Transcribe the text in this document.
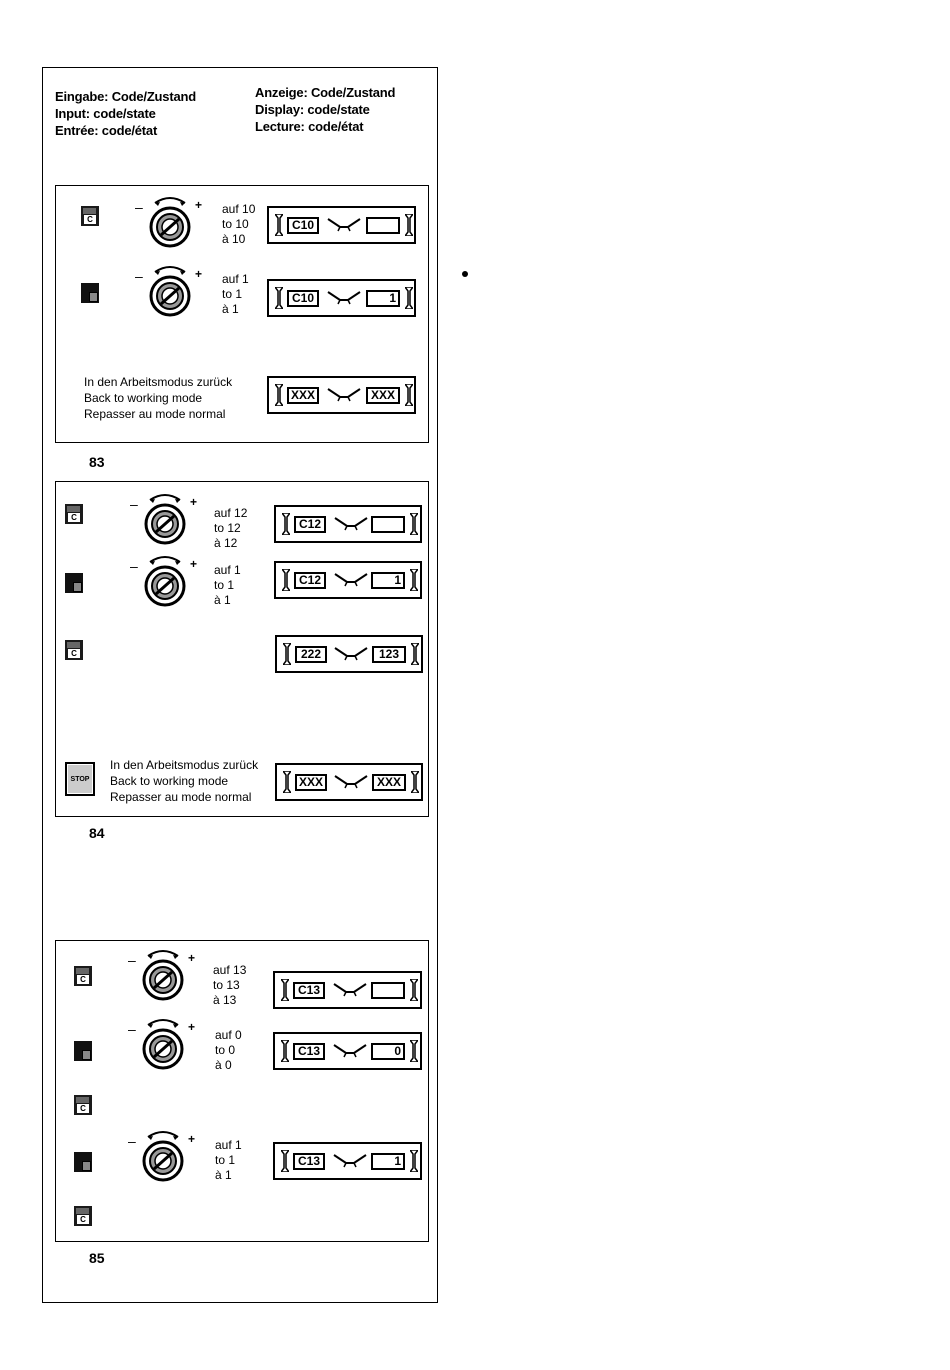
Eingabe: Code/Zustand
Input: code/state
Entrée: code/état
Anzeige: Code/Zustand
Display: code/state
Lecture: code/état
C
–	+ auf 10
to 10
à 10
C10
–	+ auf 1
to 1
à 1
C10	1
In den Arbeitsmodus zurück
Back to working mode
Repasser au mode normal
XXX	XXX
83
C
–	+
auf 12
to 12
à 12
C12
–	+ auf 1
to 1
à 1
C12	1
C	222	123
STOP
In den Arbeitsmodus zurück
Back to working mode
Repasser au mode normal
XXX	XXX
84
C
–	+
auf 13
to 13
à 13
C13
–	+
auf 0
to 0
à 0
C13	0
C
–	+ auf 1
to 1
à 1
C13	1
C
85
